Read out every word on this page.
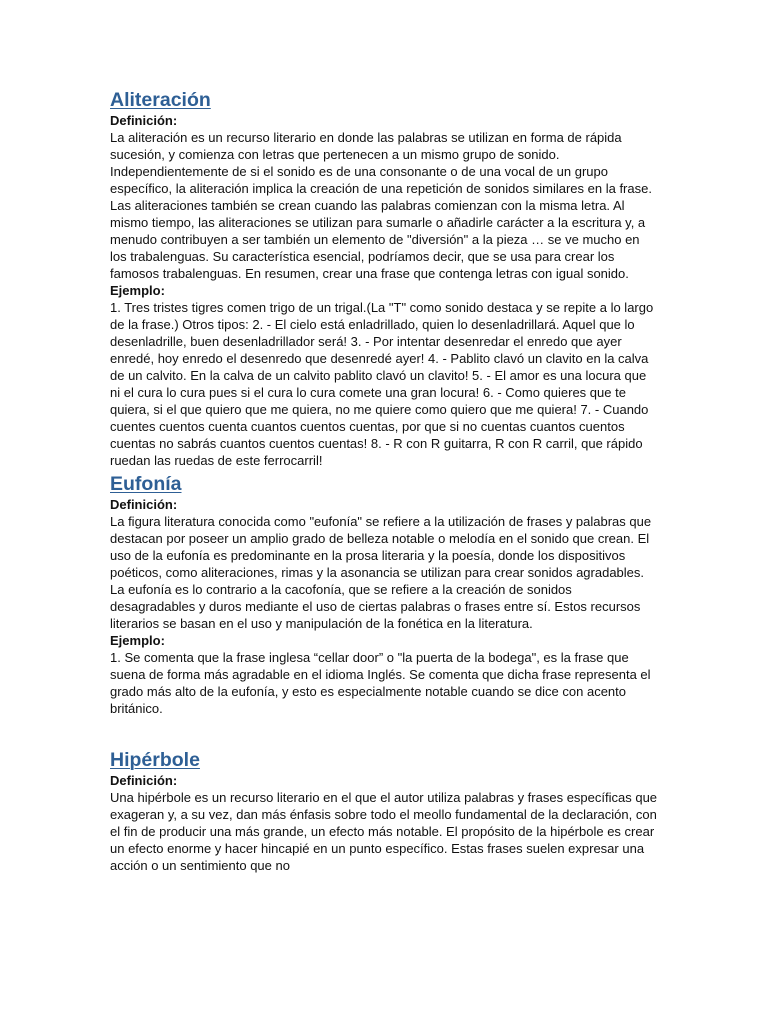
Aliteración

Definición:

La aliteración es un recurso literario en donde las palabras se utilizan en forma de rápida sucesión, y comienza con letras que pertenecen a un mismo grupo de sonido. Independientemente de si el sonido es de una consonante o de una vocal de un grupo específico, la aliteración implica la creación de una repetición de sonidos similares en la frase. Las aliteraciones también se crean cuando las palabras comienzan con la misma letra. Al mismo tiempo, las aliteraciones se utilizan para sumarle o añadirle carácter a la escritura y, a menudo contribuyen a ser también un elemento de "diversión" a la pieza … se ve mucho en los trabalenguas. Su característica esencial, podríamos decir, que se usa para crear los famosos trabalenguas. En resumen, crear una frase que contenga letras con igual sonido.

Ejemplo:

1. Tres tristes tigres comen trigo de un trigal.(La "T" como sonido destaca y se repite a lo largo de la frase.) Otros tipos: 2. - El cielo está enladrillado, quien lo desenladrillará. Aquel que lo desenladrille, buen desenladrillador será! 3. - Por intentar desenredar el enredo que ayer enredé, hoy enredo el desenredo que desenredé ayer! 4. - Pablito clavó un clavito en la calva de un calvito. En la calva de un calvito pablito clavó un clavito! 5. - El amor es una locura que ni el cura lo cura pues si el cura lo cura comete una gran locura! 6. - Como quieres que te quiera, si el que quiero que me quiera, no me quiere como quiero que me quiera! 7. - Cuando cuentes cuentos cuenta cuantos cuentos cuentas, por que si no cuentas cuantos cuentos cuentas no sabrás cuantos cuentos cuentas! 8. - R con R guitarra, R con R carril, que rápido ruedan las ruedas de este ferrocarril!

Eufonía

Definición:

La figura literatura conocida como "eufonía" se refiere a la utilización de frases y palabras que destacan por poseer un amplio grado de belleza notable o melodía en el sonido que crean. El uso de la eufonía es predominante en la prosa literaria y la poesía, donde los dispositivos poéticos, como aliteraciones, rimas y la asonancia se utilizan para crear sonidos agradables. La eufonía es lo contrario a la cacofonía, que se refiere a la creación de sonidos desagradables y duros mediante el uso de ciertas palabras o frases entre sí. Estos recursos literarios se basan en el uso y manipulación de la fonética en la literatura.

Ejemplo:

1. Se comenta que la frase inglesa “cellar door” o "la puerta de la bodega", es la frase que suena de forma más agradable en el idioma Inglés. Se comenta que dicha frase representa el grado más alto de la eufonía, y esto es especialmente notable cuando se dice con acento británico.

Hipérbole

Definición:

Una hipérbole es un recurso literario en el que el autor utiliza palabras y frases específicas que exageran y, a su vez, dan más énfasis sobre todo el meollo fundamental de la declaración, con el fin de producir una más grande, un efecto más notable. El propósito de la hipérbole es crear un efecto enorme y hacer hincapié en un punto específico. Estas frases suelen expresar una acción o un sentimiento que no
